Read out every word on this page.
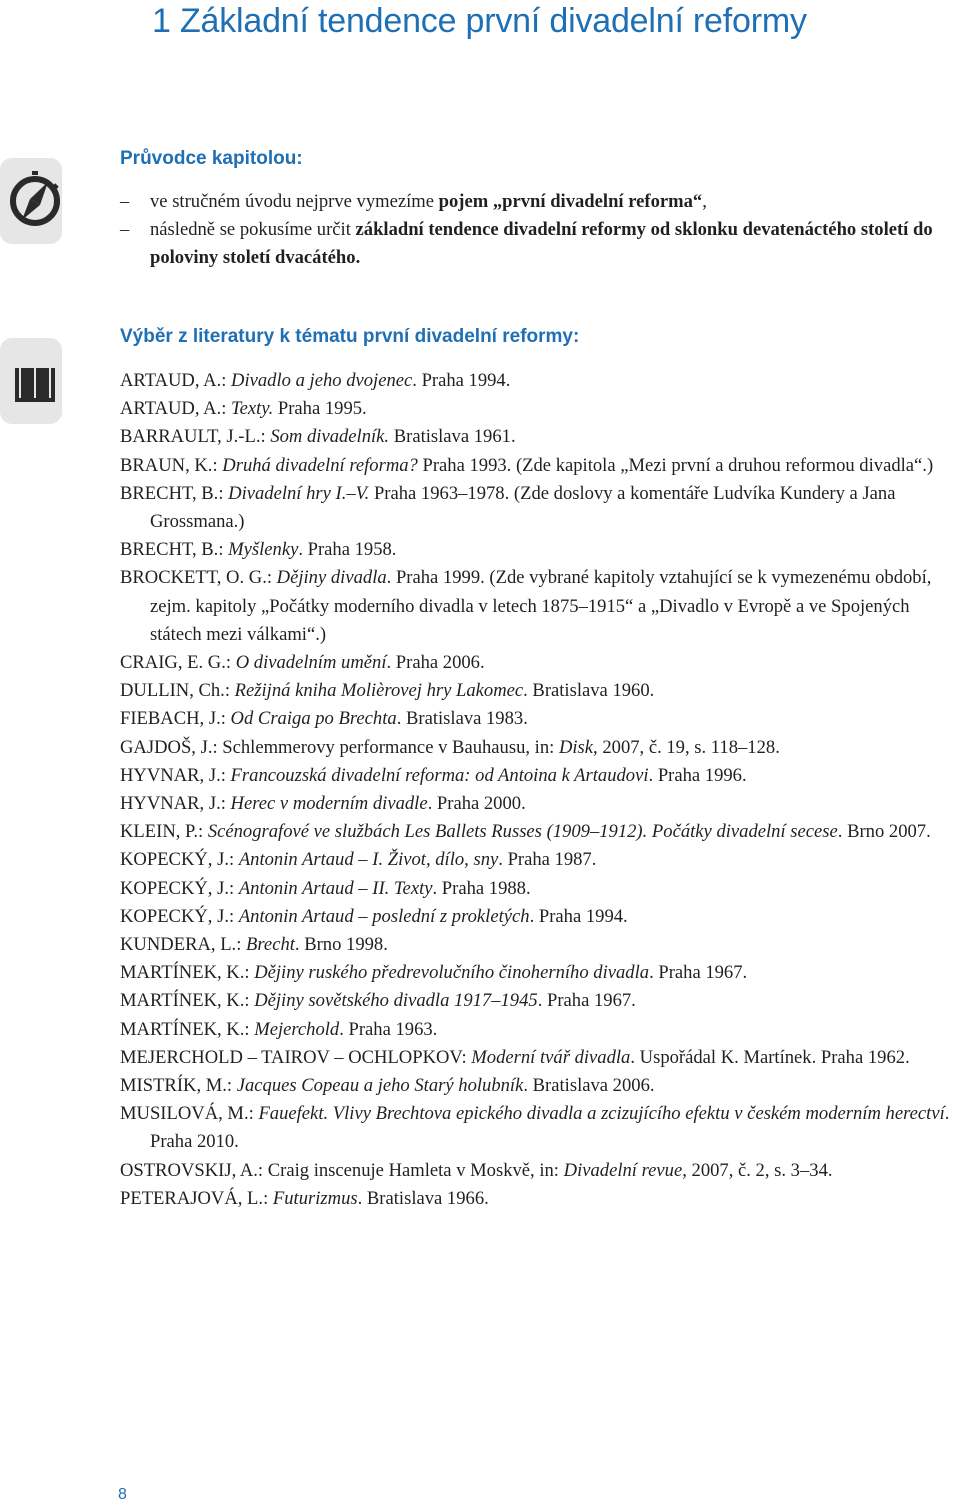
1 Základní tendence první divadelní reformy
Průvodce kapitolou:
– ve stručném úvodu nejprve vymezíme pojem „první divadelní reforma“,
– následně se pokusíme určit základní tendence divadelní reformy od sklonku devatenáctého století do poloviny století dvacátého.
Výběr z literatury k tématu první divadelní reformy:
ARTAUD, A.: Divadlo a jeho dvojenec. Praha 1994.
ARTAUD, A.: Texty. Praha 1995.
BARRAULT, J.-L.: Som divadelník. Bratislava 1961.
BRAUN, K.: Druhá divadelní reforma? Praha 1993. (Zde kapitola „Mezi první a druhou reformou divadla“.)
BRECHT, B.: Divadelní hry I.–V. Praha 1963–1978. (Zde doslovy a komentáře Ludvíka Kundery a Jana Grossmana.)
BRECHT, B.: Myšlenky. Praha 1958.
BROCKETT, O. G.: Dějiny divadla. Praha 1999. (Zde vybrané kapitoly vztahující se k vymezenému období, zejm. kapitoly „Počátky moderního divadla v letech 1875–1915“ a „Divadlo v Evropě a ve Spojených státech mezi válkami“.)
CRAIG, E. G.: O divadelním umění. Praha 2006.
DULLIN, Ch.: Režijná kniha Molièrovej hry Lakomec. Bratislava 1960.
FIEBACH, J.: Od Craiga po Brechta. Bratislava 1983.
GAJDOŠ, J.: Schlemmerovy performance v Bauhausu, in: Disk, 2007, č. 19, s. 118–128.
HYVNAR, J.: Francouzská divadelní reforma: od Antoina k Artaudovi. Praha 1996.
HYVNAR, J.: Herec v moderním divadle. Praha 2000.
KLEIN, P.: Scénografové ve službách Les Ballets Russes (1909–1912). Počátky divadelní secese. Brno 2007.
KOPECKÝ, J.: Antonin Artaud – I. Život, dílo, sny. Praha 1987.
KOPECKÝ, J.: Antonin Artaud – II. Texty. Praha 1988.
KOPECKÝ, J.: Antonin Artaud – poslední z prokletých. Praha 1994.
KUNDERA, L.: Brecht. Brno 1998.
MARTÍNEK, K.: Dějiny ruského předrevolučního činoherního divadla. Praha 1967.
MARTÍNEK, K.: Dějiny sovětského divadla 1917–1945. Praha 1967.
MARTÍNEK, K.: Mejerchold. Praha 1963.
MEJERCHOLD – TAIROV – OCHLOPKOV: Moderní tvář divadla. Uspořádal K. Martínek. Praha 1962.
MISTRÍK, M.: Jacques Copeau a jeho Starý holubník. Bratislava 2006.
MUSILOVÁ, M.: Fauefekt. Vlivy Brechtova epického divadla a zcizujícího efektu v českém moderním herectví. Praha 2010.
OSTROVSKIJ, A.: Craig inscenuje Hamleta v Moskvě, in: Divadelní revue, 2007, č. 2, s. 3–34.
PETERAJOVÁ, L.: Futurizmus. Bratislava 1966.
8
